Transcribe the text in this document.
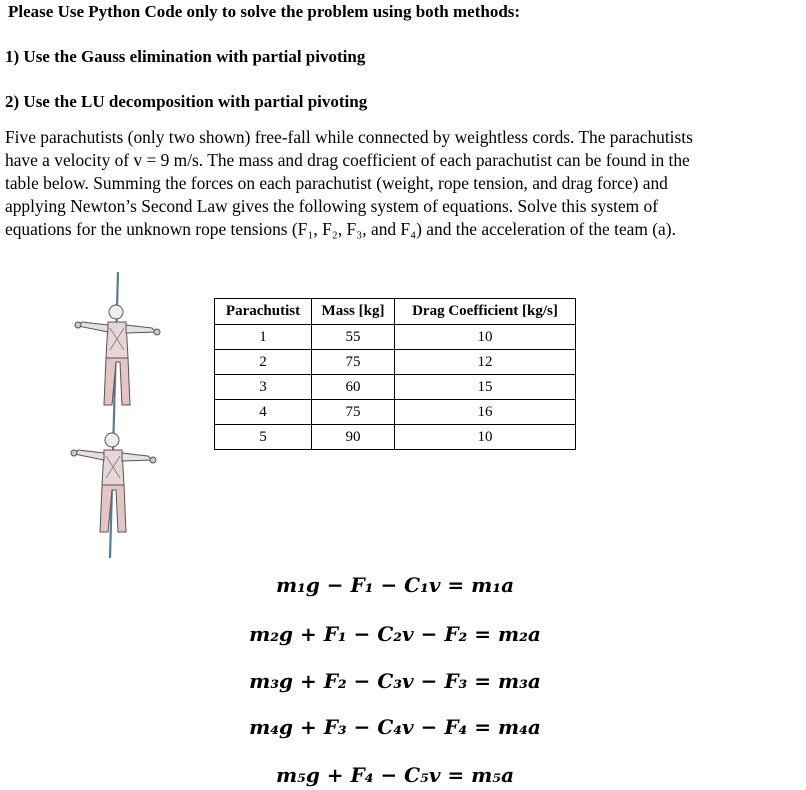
Please Use Python Code only to solve the problem using both methods:
1) Use the Gauss elimination with partial pivoting
2) Use the LU decomposition with partial pivoting
Five parachutists (only two shown) free-fall while connected by weightless cords. The parachutists
have a velocity of v = 9 m/s. The mass and drag coefficient of each parachutist can be found in the
table below. Summing the forces on each parachutist (weight, rope tension, and drag force) and
applying Newton’s Second Law gives the following system of equations. Solve this system of
equations for the unknown rope tensions (F₁, F₂, F₃, and F₄) and the acceleration of the team (a).
Parachutist	Mass [kg]	Drag Coefficient [kg/s]
1	55	10
2	75	12
3	60	15
4	75	16
5	90	10
m₁g − F₁ − C₁v = m₁a
m₂g + F₁ − C₂v − F₂ = m₂a
m₃g + F₂ − C₃v − F₃ = m₃a
m₄g + F₃ − C₄v − F₄ = m₄a
m₅g + F₄ − C₅v = m₅a
